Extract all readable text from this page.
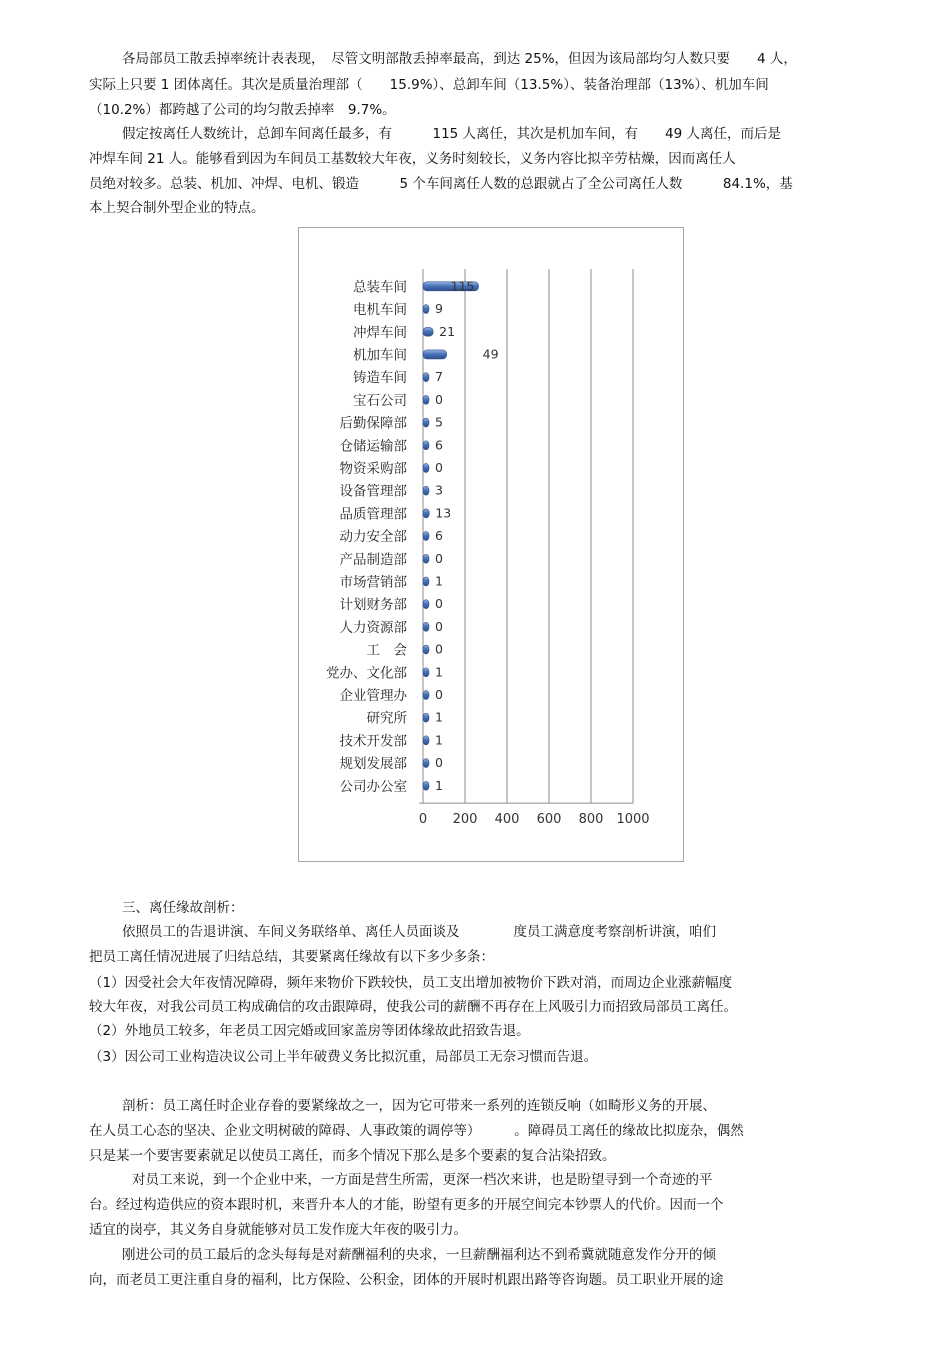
各局部员工散丢掉率统计表表现，　尽管文明部散丢掉率最高，到达 25%，但因为该局部均匀人数只要　　4 人，
实际上只要 1 团体离任。其次是质量治理部（　　15.9%）、总卸车间（13.5%）、装备治理部（13%）、机加车间
（10.2%）都跨越了公司的均匀散丢掉率　9.7%。
假定按离任人数统计，总卸车间离任最多，有　　　115 人离任，其次是机加车间，有　　49 人离任，而后是
冲焊车间 21 人。能够看到因为车间员工基数较大年夜，义务时刻较长，义务内容比拟辛劳枯燥，因而离任人
员绝对较多。总装、机加、冲焊、电机、锻造　　　5 个车间离任人数的总跟就占了全公司离任人数　　　84.1%，基
本上契合制外型企业的特点。
0 200 400 600 800 1000
总装车间	115
电机车间 9
冲焊车间	21
机加车间	49
铸造车间 7
宝石公司 0
后勤保障部 5
仓储运输部 6
物资采购部 0
设备管理部 3
品质管理部 13
动力安全部 6
产品制造部 0
市场营销部 1
计划财务部 0
人力资源部 0
工　会 0
党办、文化部 1
企业管理办 0
研究所 1
技术开发部 1
规划发展部 0
公司办公室 1
三、离任缘故剖析：
依照员工的告退讲演、车间义务联络单、离任人员面谈及　　　　度员工满意度考察剖析讲演，咱们
把员工离任情况进展了归结总结，其要紧离任缘故有以下多少多条：
（1）因受社会大年夜情况障碍，频年来物价下跌较快，员工支出增加被物价下跌对消，而周边企业涨薪幅度
较大年夜，对我公司员工构成确信的攻击跟障碍，使我公司的薪酬不再存在上风吸引力而招致局部员工离任。
（2）外地员工较多，年老员工因完婚或回家盖房等团体缘故此招致告退。
（3）因公司工业构造决议公司上半年破费义务比拟沉重，局部员工无奈习惯而告退。
剖析：员工离任时企业存眷的要紧缘故之一，因为它可带来一系列的连锁反响（如畸形义务的开展、
在人员工心态的坚决、企业文明树破的障碍、人事政策的调停等）　　　。障碍员工离任的缘故比拟庞杂，偶然
只是某一个要害要素就足以使员工离任，而多个情况下那么是多个要素的复合沾染招致。
对员工来说，到一个企业中来，一方面是营生所需，更深一档次来讲，也是盼望寻到一个奇迹的平
台。经过构造供应的资本跟时机，来晋升本人的才能，盼望有更多的开展空间完本钞票人的代价。因而一个
适宜的岗亭，其义务自身就能够对员工发作庞大年夜的吸引力。
刚进公司的员工最后的念头每每是对薪酬福利的央求，一旦薪酬福利达不到希冀就随意发作分开的倾
向，而老员工更注重自身的福利，比方保险、公积金，团体的开展时机跟出路等咨询题。员工职业开展的途
